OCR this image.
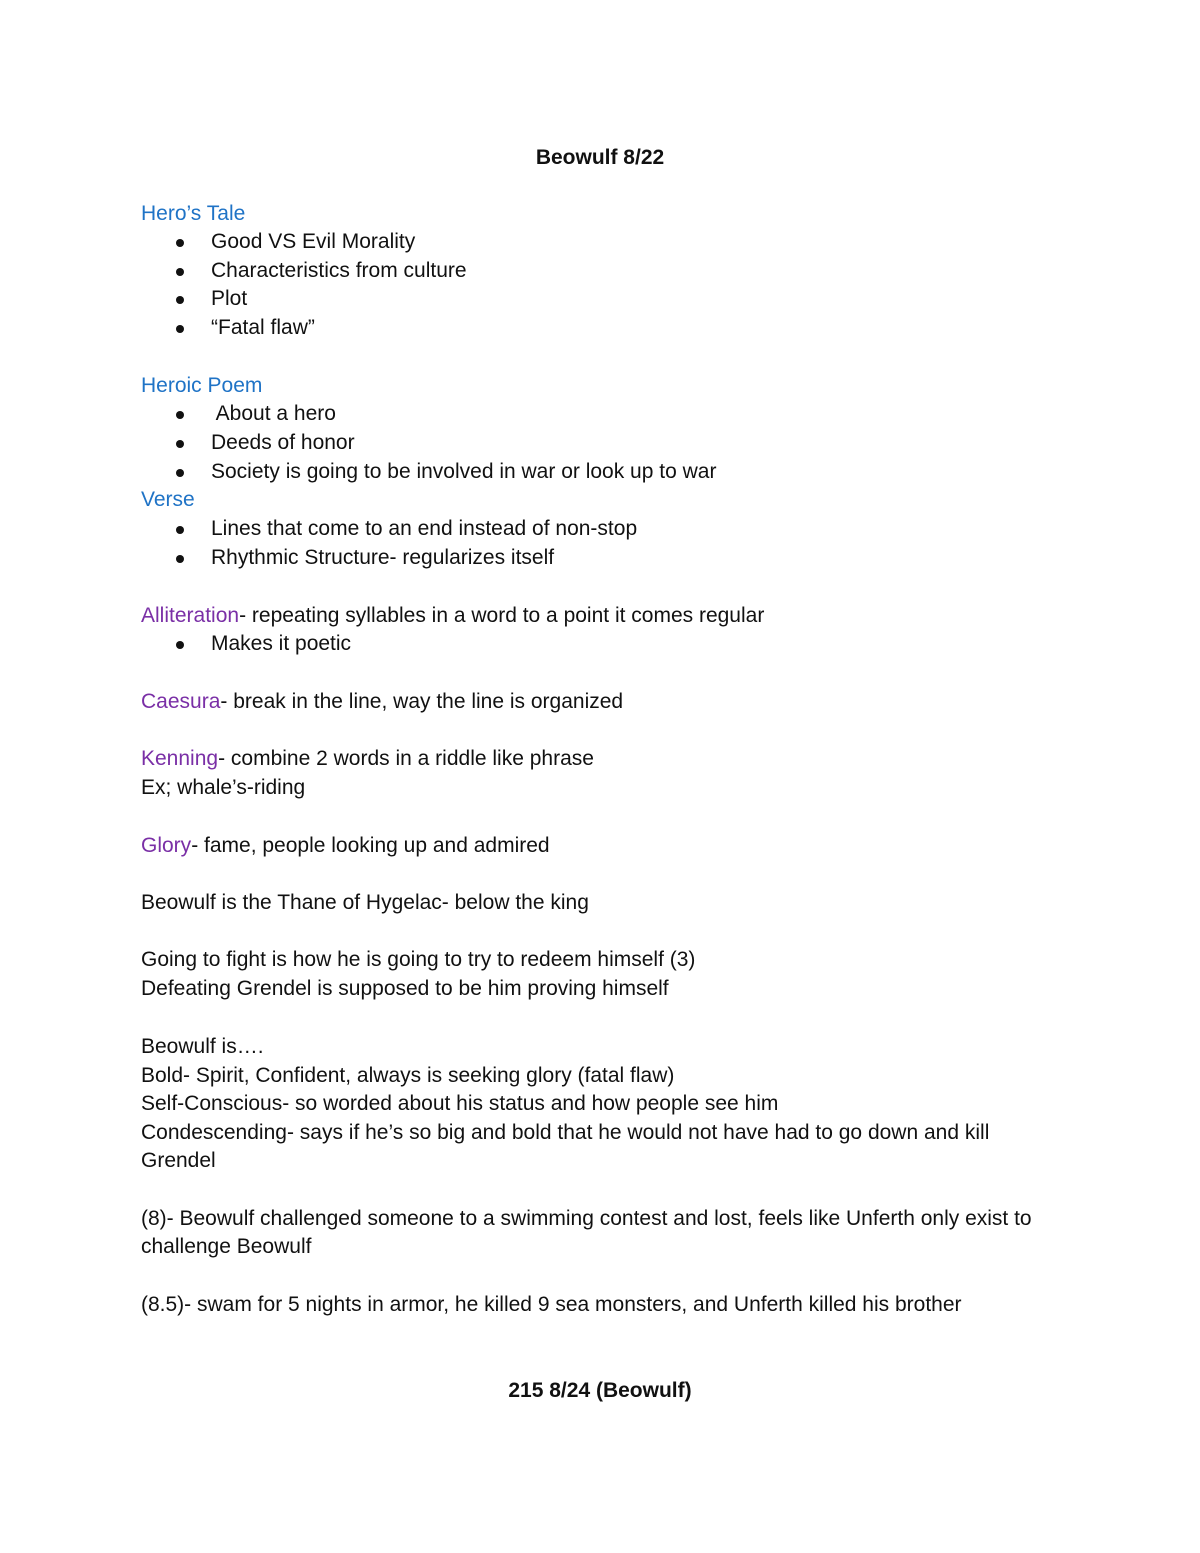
Beowulf 8/22
Hero’s Tale
Good VS Evil Morality
Characteristics from culture
Plot
“Fatal flaw”
Heroic Poem
About a hero
Deeds of honor
Society is going to be involved in war or look up to war
Verse
Lines that come to an end instead of non-stop
Rhythmic Structure- regularizes itself
Alliteration- repeating syllables in a word to a point it comes regular
Makes it poetic
Caesura- break in the line, way the line is organized
Kenning- combine 2 words in a riddle like phrase
Ex; whale’s-riding
Glory- fame, people looking up and admired
Beowulf is the Thane of Hygelac- below the king
Going to fight is how he is going to try to redeem himself (3)
Defeating Grendel is supposed to be him proving himself
Beowulf is….
Bold- Spirit, Confident, always is seeking glory (fatal flaw)
Self-Conscious- so worded about his status and how people see him
Condescending- says if he’s so big and bold that he would not have had to go down and kill
Grendel
(8)- Beowulf challenged someone to a swimming contest and lost, feels like Unferth only exist to
challenge Beowulf
(8.5)- swam for 5 nights in armor, he killed 9 sea monsters, and Unferth killed his brother
215 8/24 (Beowulf)
